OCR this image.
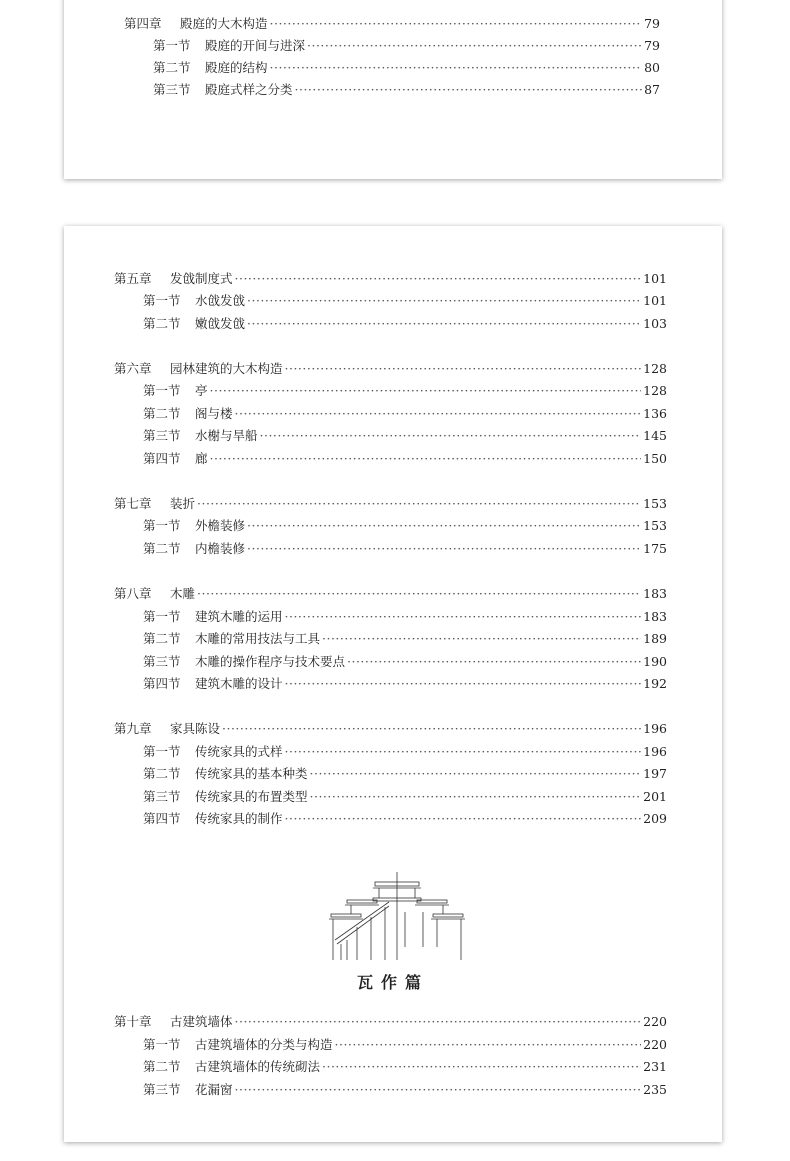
第四章	殿庭的大木构造 ·····	79
第一节	殿庭的开间与进深 ·····	79
第二节	殿庭的结构 ·····	80
第三节	殿庭式样之分类 ·····	87
第五章	发戗制度式 ·····	101
第一节	水戗发戗 ·····	101
第二节	嫩戗发戗 ·····	103
第六章	园林建筑的大木构造 ·····	128
第一节	亭 ·····	128
第二节	阁与楼 ·····	136
第三节	水榭与旱船 ·····	145
第四节	廊 ·····	150
第七章	装折 ·····	153
第一节	外檐装修 ·····	153
第二节	内檐装修 ·····	175
第八章	木雕 ·····	183
第一节	建筑木雕的运用 ·····	183
第二节	木雕的常用技法与工具 ·····	189
第三节	木雕的操作程序与技术要点 ·····	190
第四节	建筑木雕的设计 ·····	192
第九章	家具陈设 ·····	196
第一节	传统家具的式样 ·····	196
第二节	传统家具的基本种类 ·····	197
第三节	传统家具的布置类型 ·····	201
第四节	传统家具的制作 ·····	209
瓦作篇
第十章	古建筑墙体 ·····	220
第一节	古建筑墙体的分类与构造 ·····	220
第二节	古建筑墙体的传统砌法 ·····	231
第三节	花漏窗 ·····	235
